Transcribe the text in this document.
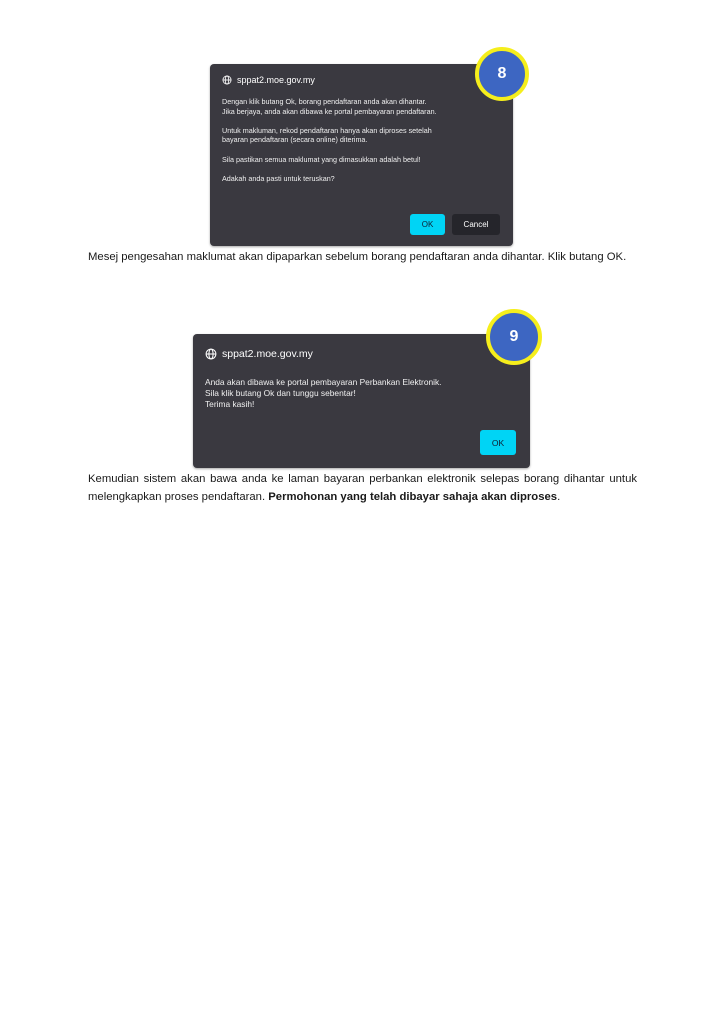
sppat2.moe.gov.my

Dengan klik butang Ok, borang pendaftaran anda akan dihantar.
Jika berjaya, anda akan dibawa ke portal pembayaran pendaftaran.

Untuk makluman, rekod pendaftaran hanya akan diproses setelah
bayaran pendaftaran (secara online) diterima.

Sila pastikan semua maklumat yang dimasukkan adalah betul!

Adakah anda pasti untuk teruskan?

OK	Cancel
8

Mesej pengesahan maklumat akan dipaparkan sebelum borang pendaftaran anda dihantar. Klik butang OK.

sppat2.moe.gov.my

Anda akan dibawa ke portal pembayaran Perbankan Elektronik.
Sila klik butang Ok dan tunggu sebentar!
Terima kasih!

OK
9

Kemudian sistem akan bawa anda ke laman bayaran perbankan elektronik selepas borang dihantar untuk melengkapkan proses pendaftaran. Permohonan yang telah dibayar sahaja akan diproses.
